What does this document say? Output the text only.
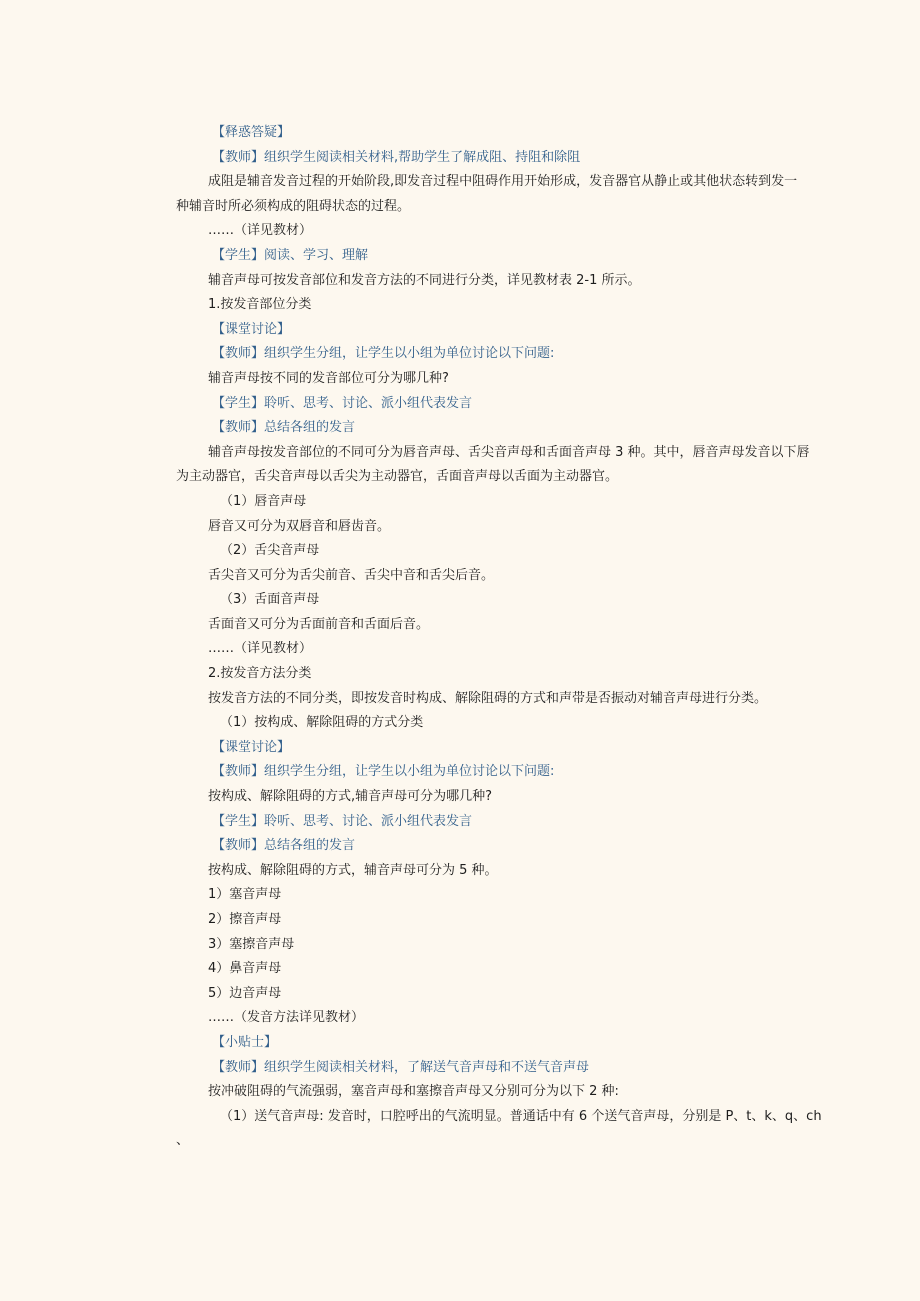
【释惑答疑】
【教师】组织学生阅读相关材料,帮助学生了解成阻、持阻和除阻
成阻是辅音发音过程的开始阶段,即发音过程中阻碍作用开始形成，发音器官从静止或其他状态转到发一
种辅音时所必须构成的阻碍状态的过程。
……（详见教材）
【学生】阅读、学习、理解
辅音声母可按发音部位和发音方法的不同进行分类，详见教材表 2-1 所示。
1.按发音部位分类
【课堂讨论】
【教师】组织学生分组，让学生以小组为单位讨论以下问题:
辅音声母按不同的发音部位可分为哪几种?
【学生】聆听、思考、讨论、派小组代表发言
【教师】总结各组的发言
辅音声母按发音部位的不同可分为唇音声母、舌尖音声母和舌面音声母 3 种。其中，唇音声母发音以下唇
为主动器官，舌尖音声母以舌尖为主动器官，舌面音声母以舌面为主动器官。
（1）唇音声母
唇音又可分为双唇音和唇齿音。
（2）舌尖音声母
舌尖音又可分为舌尖前音、舌尖中音和舌尖后音。
（3）舌面音声母
舌面音又可分为舌面前音和舌面后音。
……（详见教材）
2.按发音方法分类
按发音方法的不同分类，即按发音时构成、解除阻碍的方式和声带是否振动对辅音声母进行分类。
（1）按构成、解除阻碍的方式分类
【课堂讨论】
【教师】组织学生分组，让学生以小组为单位讨论以下问题:
按构成、解除阻碍的方式,辅音声母可分为哪几种?
【学生】聆听、思考、讨论、派小组代表发言
【教师】总结各组的发言
按构成、解除阻碍的方式，辅音声母可分为 5 种。
1）塞音声母
2）擦音声母
3）塞擦音声母
4）鼻音声母
5）边音声母
……（发音方法详见教材）
【小贴士】
【教师】组织学生阅读相关材料，了解送气音声母和不送气音声母
按冲破阻碍的气流强弱，塞音声母和塞擦音声母又分别可分为以下 2 种:
（1）送气音声母: 发音时，口腔呼出的气流明显。普通话中有 6 个送气音声母，分别是 P、t、k、q、ch
、
